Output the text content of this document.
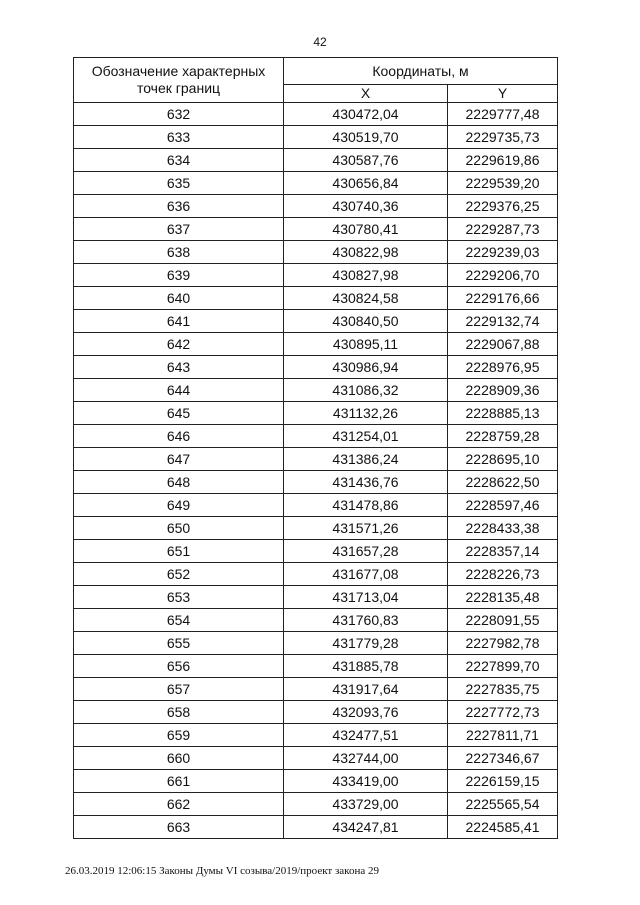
42
Обозначение характерных точек границ	Координаты, м	
	X	Y
632	430472,04	2229777,48
633	430519,70	2229735,73
634	430587,76	2229619,86
635	430656,84	2229539,20
636	430740,36	2229376,25
637	430780,41	2229287,73
638	430822,98	2229239,03
639	430827,98	2229206,70
640	430824,58	2229176,66
641	430840,50	2229132,74
642	430895,11	2229067,88
643	430986,94	2228976,95
644	431086,32	2228909,36
645	431132,26	2228885,13
646	431254,01	2228759,28
647	431386,24	2228695,10
648	431436,76	2228622,50
649	431478,86	2228597,46
650	431571,26	2228433,38
651	431657,28	2228357,14
652	431677,08	2228226,73
653	431713,04	2228135,48
654	431760,83	2228091,55
655	431779,28	2227982,78
656	431885,78	2227899,70
657	431917,64	2227835,75
658	432093,76	2227772,73
659	432477,51	2227811,71
660	432744,00	2227346,67
661	433419,00	2226159,15
662	433729,00	2225565,54
663	434247,81	2224585,41
26.03.2019 12:06:15 Законы Думы VI созыва/2019/проект закона 29
